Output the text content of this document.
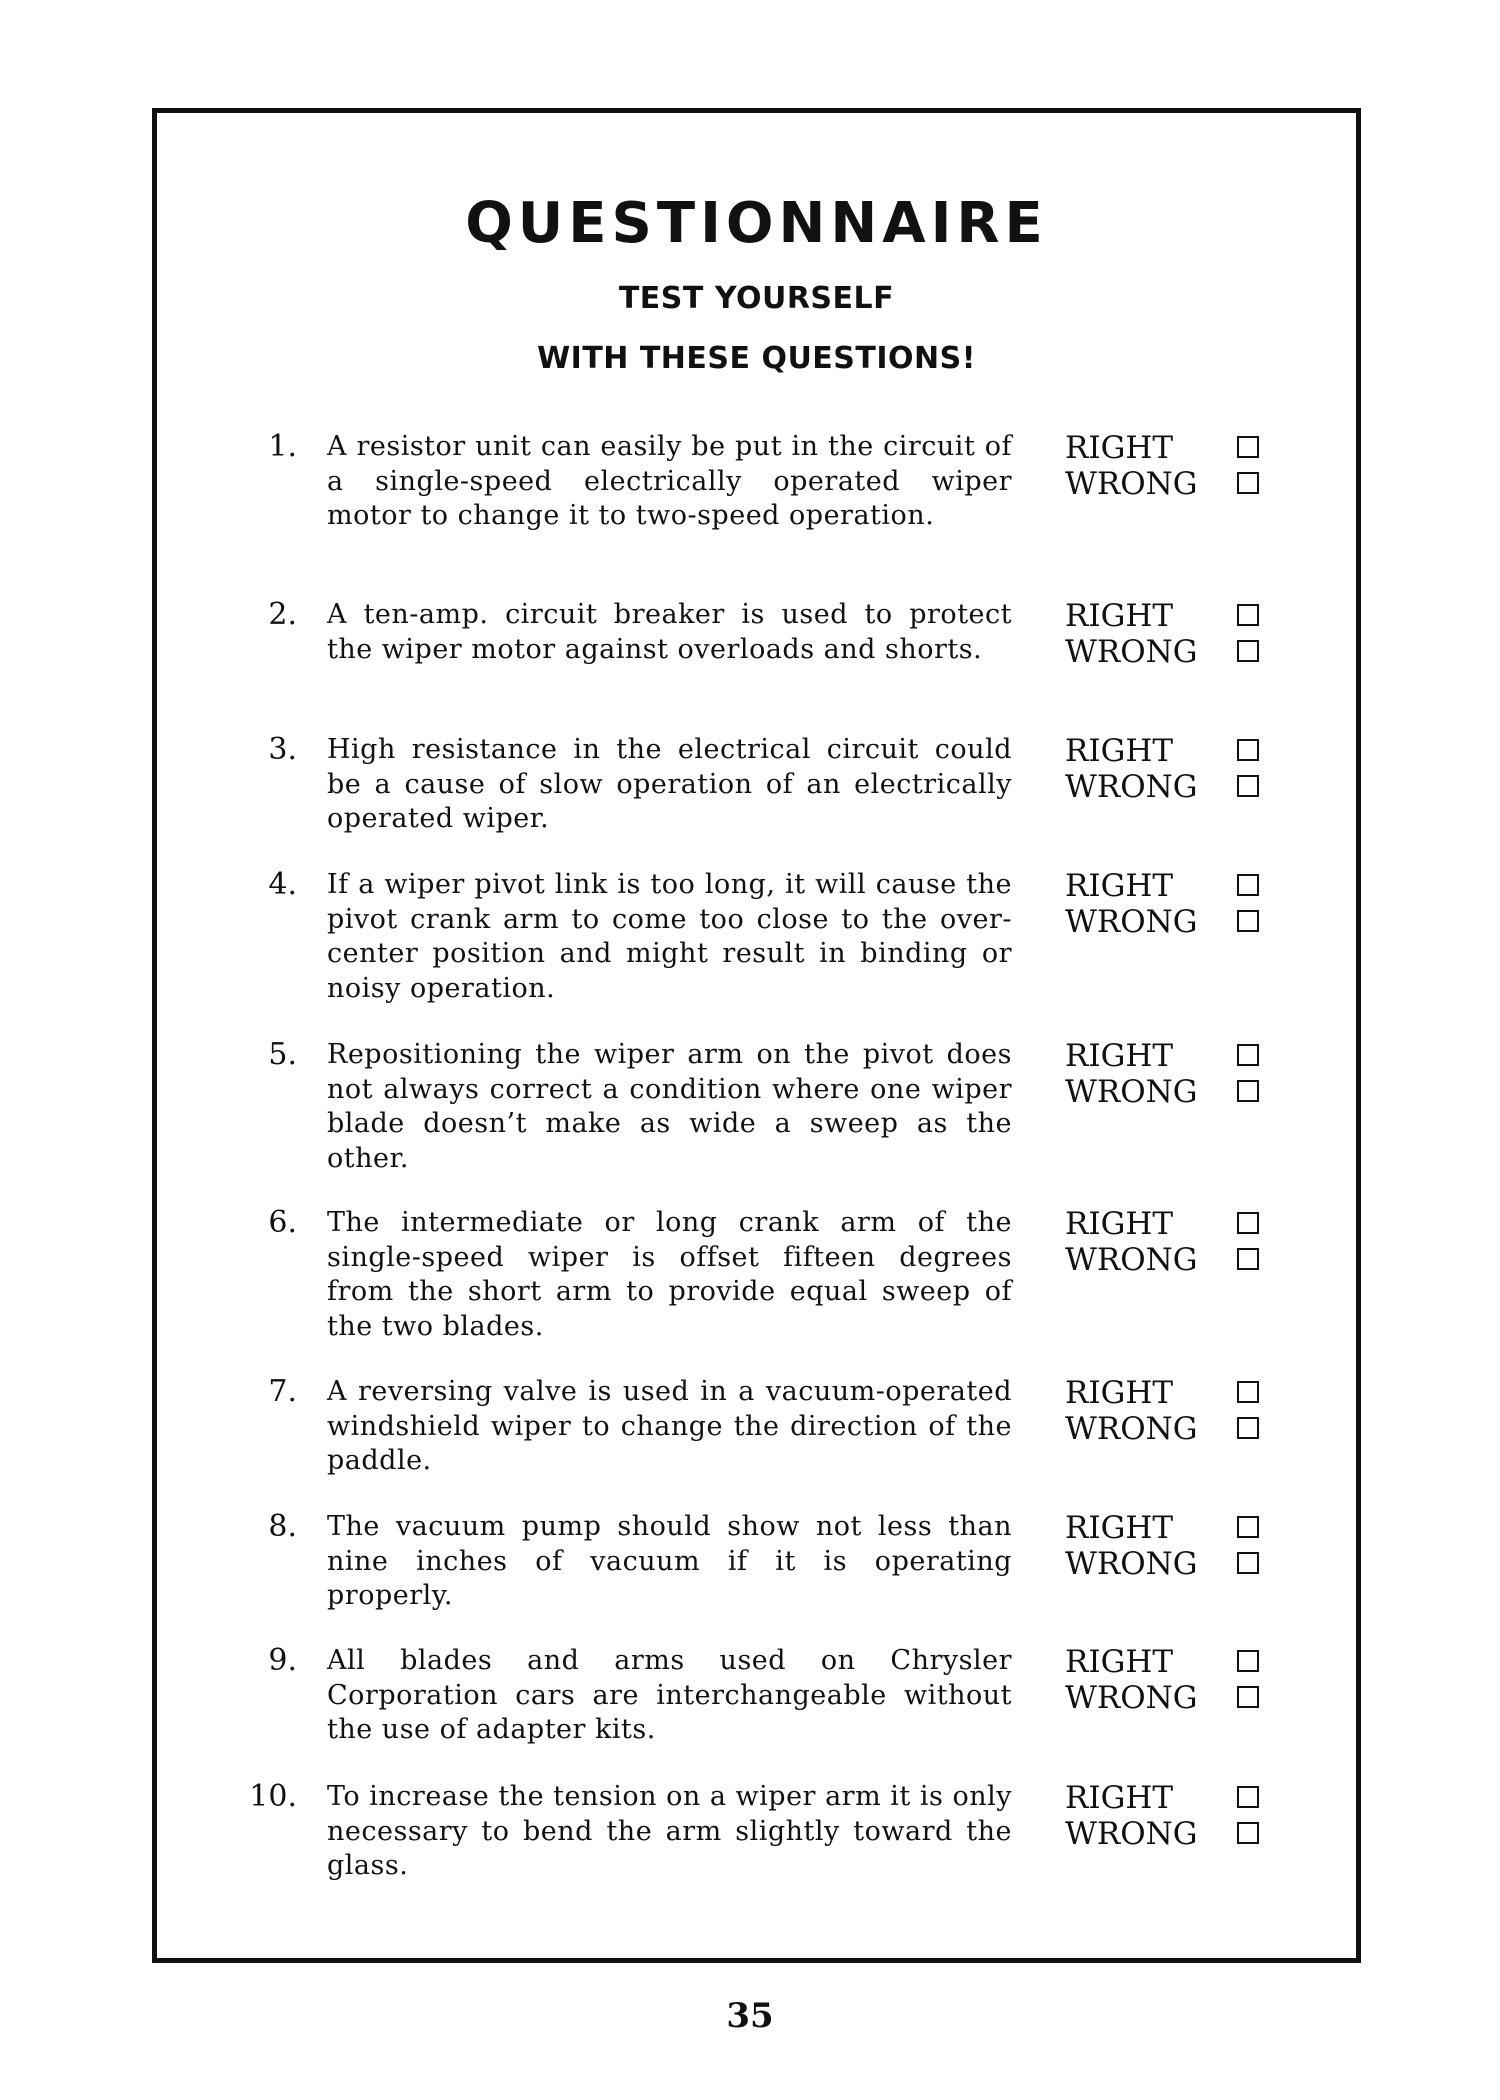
QUESTIONNAIRE
TEST YOURSELF
WITH THESE QUESTIONS!
1. A resistor unit can easily be put in the circuit of a single-speed electrically operated wiper motor to change it to two-speed operation.
RIGHT
WRONG
2. A ten-amp. circuit breaker is used to protect the wiper motor against overloads and shorts.
RIGHT
WRONG
3. High resistance in the electrical circuit could be a cause of slow operation of an electrically operated wiper.
RIGHT
WRONG
4. If a wiper pivot link is too long, it will cause the pivot crank arm to come too close to the over-center position and might result in binding or noisy operation.
RIGHT
WRONG
5. Repositioning the wiper arm on the pivot does not always correct a condition where one wiper blade doesn’t make as wide a sweep as the other.
RIGHT
WRONG
6. The intermediate or long crank arm of the single-speed wiper is offset fifteen degrees from the short arm to provide equal sweep of the two blades.
RIGHT
WRONG
7. A reversing valve is used in a vacuum-operated windshield wiper to change the direction of the paddle.
RIGHT
WRONG
8. The vacuum pump should show not less than nine inches of vacuum if it is operating properly.
RIGHT
WRONG
9. All blades and arms used on Chrysler Corporation cars are interchangeable without the use of adapter kits.
RIGHT
WRONG
10. To increase the tension on a wiper arm it is only necessary to bend the arm slightly toward the glass.
RIGHT
WRONG
35
